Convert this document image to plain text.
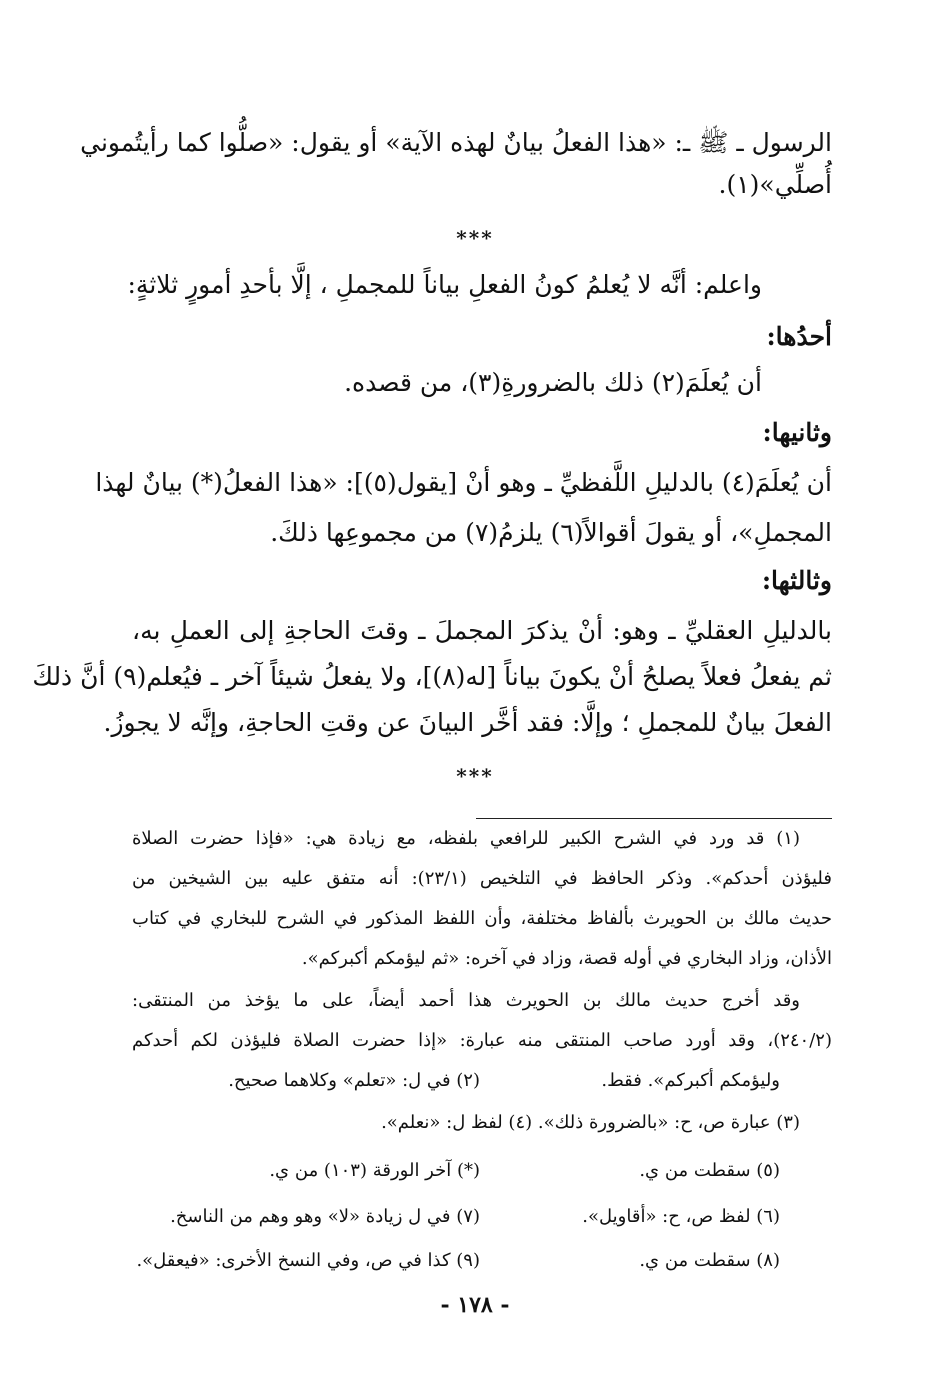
الرسول ـ ﷺ ـ: «هذا الفعلُ بيانٌ لهذه الآية» أو يقول: «صلُّوا كما رأيتُموني
أُصلِّي»(١).
***
واعلم: أنَّه لا يُعلمُ كونُ الفعلِ بياناً للمجملِ ، إلَّا بأحدِ أمورٍ ثلاثةٍ:
أحدُها:
أن يُعلَمَ(٢) ذلك بالضرورةِ(٣)، من قصده.
وثانيها:
أن يُعلَمَ(٤) بالدليلِ اللَّفظيِّ ـ وهو أنْ [يقول(٥)]: «هذا الفعلُ(*) بيانٌ لهذا
المجملِ»، أو يقولَ أقوالاً(٦) يلزمُ(٧) من مجموعِها ذلكَ.
وثالثها:
بالدليلِ العقليِّ ـ وهو: أنْ يذكرَ المجملَ ـ وقتَ الحاجةِ إلى العملِ به،
ثم يفعلُ فعلاً يصلحُ أنْ يكونَ بياناً [له(٨)]، ولا يفعلُ شيئاً آخر ـ فيُعلم(٩) أنَّ ذلكَ
الفعلَ بيانٌ للمجملِ ؛ وإلَّا: فقد أخَّر البيانَ عن وقتِ الحاجةِ، وإنَّه لا يجوزُ.
***
(١) قد ورد في الشرح الكبير للرافعي بلفظه، مع زيادة هي: «فإذا حضرت الصلاة
فليؤذن أحدكم». وذكر الحافظ في التلخيص (٢٣/١): أنه متفق عليه بين الشيخين من
حديث مالك بن الحويرث بألفاظ مختلفة، وأن اللفظ المذكور في الشرح للبخاري في كتاب
الأذان، وزاد البخاري في أوله قصة، وزاد في آخره: «ثم ليؤمكم أكبركم».
وقد أخرج حديث مالك بن الحويرث هذا أحمد أيضاً، على ما يؤخذ من المنتقى:
(٢٤٠/٢)، وقد أورد صاحب المنتقى منه عبارة: «إذا حضرت الصلاة فليؤذن لكم أحدكم
وليؤمكم أكبركم». فقط.
(٢) في ل: «تعلم» وكلاهما صحيح.
(٣) عبارة ص، ح: «بالضرورة ذلك». (٤) لفظ ل: «نعلم».
(٥) سقطت من ي.
(*) آخر الورقة (١٠٣) من ي.
(٦) لفظ ص، ح: «أقاويل».
(٧) في ل زيادة «لا» وهو وهم من الناسخ.
(٨) سقطت من ي.
(٩) كذا في ص، وفي النسخ الأخرى: «فيعقل».
- ١٧٨ -
